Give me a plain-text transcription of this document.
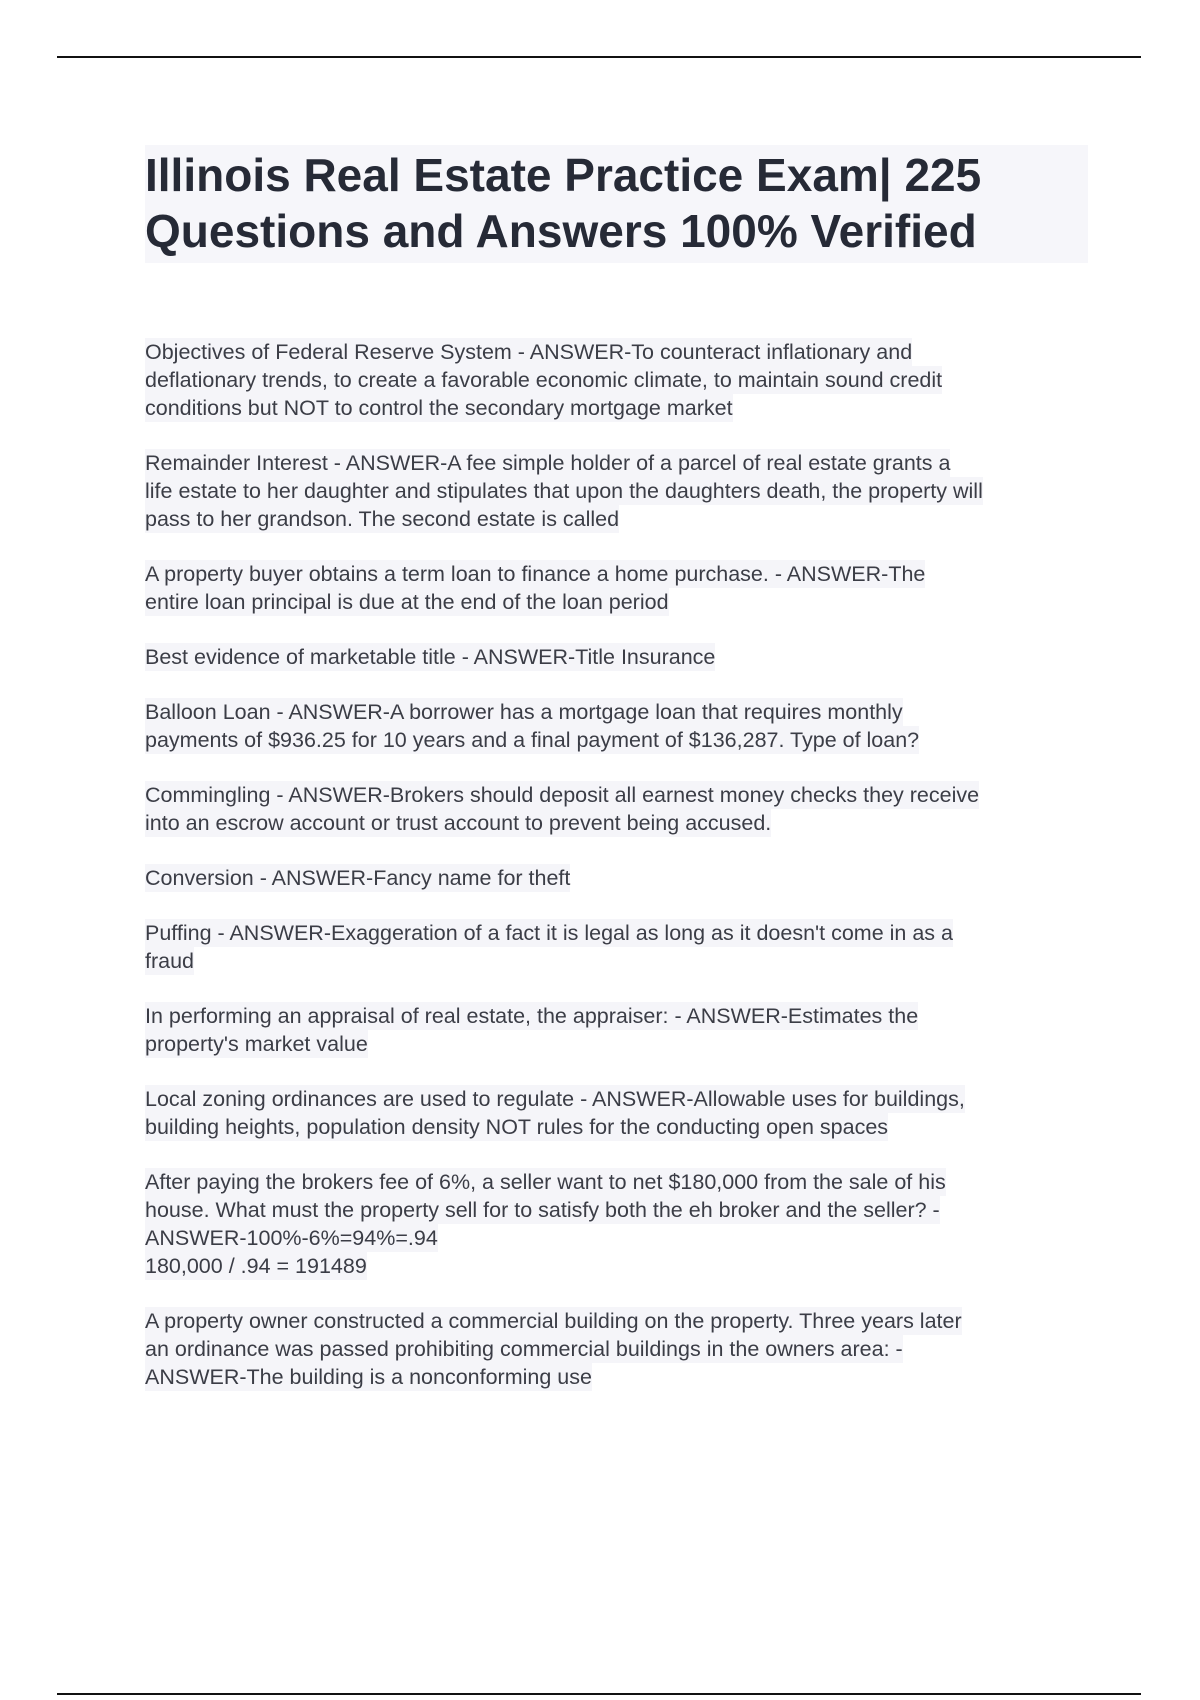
Illinois Real Estate Practice Exam| 225
Questions and Answers 100% Verified
Objectives of Federal Reserve System - ANSWER-To counteract inflationary and
deflationary trends, to create a favorable economic climate, to maintain sound credit
conditions but NOT to control the secondary mortgage market
Remainder Interest - ANSWER-A fee simple holder of a parcel of real estate grants a
life estate to her daughter and stipulates that upon the daughters death, the property will
pass to her grandson. The second estate is called
A property buyer obtains a term loan to finance a home purchase. - ANSWER-The
entire loan principal is due at the end of the loan period
Best evidence of marketable title - ANSWER-Title Insurance
Balloon Loan - ANSWER-A borrower has a mortgage loan that requires monthly
payments of $936.25 for 10 years and a final payment of $136,287. Type of loan?
Commingling - ANSWER-Brokers should deposit all earnest money checks they receive
into an escrow account or trust account to prevent being accused.
Conversion - ANSWER-Fancy name for theft
Puffing - ANSWER-Exaggeration of a fact it is legal as long as it doesn't come in as a
fraud
In performing an appraisal of real estate, the appraiser: - ANSWER-Estimates the
property's market value
Local zoning ordinances are used to regulate - ANSWER-Allowable uses for buildings,
building heights, population density NOT rules for the conducting open spaces
After paying the brokers fee of 6%, a seller want to net $180,000 from the sale of his
house. What must the property sell for to satisfy both the eh broker and the seller? -
ANSWER-100%-6%=94%=.94
180,000 / .94 = 191489
A property owner constructed a commercial building on the property. Three years later
an ordinance was passed prohibiting commercial buildings in the owners area: -
ANSWER-The building is a nonconforming use
